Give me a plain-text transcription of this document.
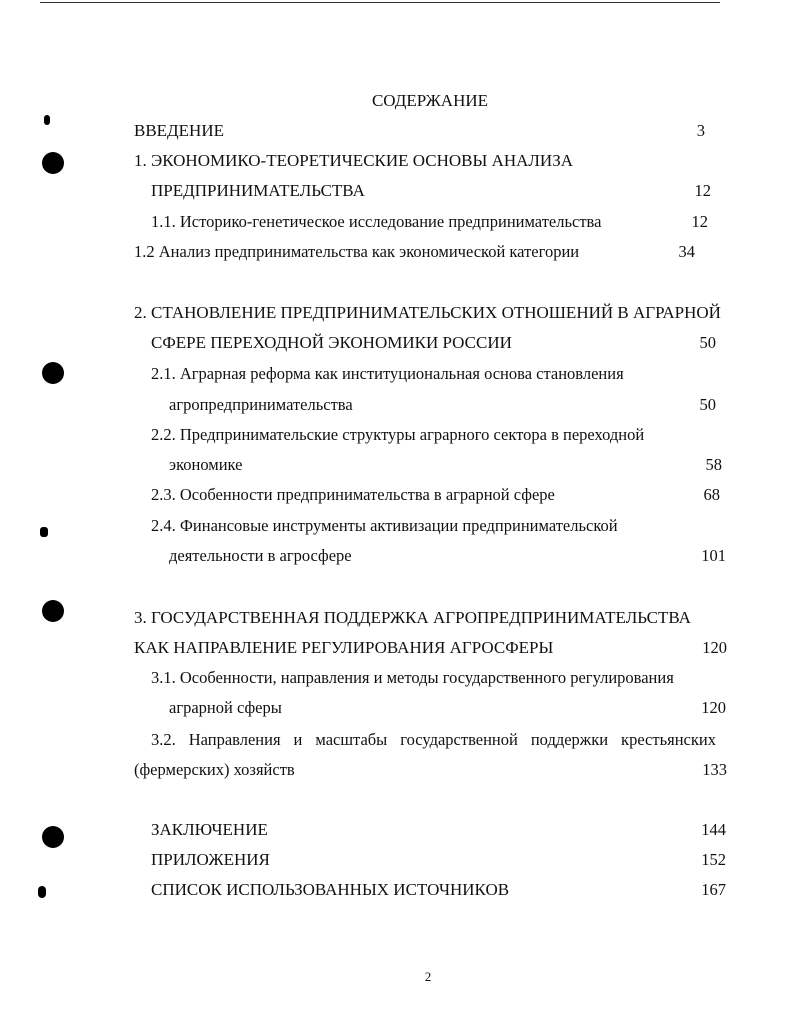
СОДЕРЖАНИЕ
ВВЕДЕНИЕ	3
1. ЭКОНОМИКО-ТЕОРЕТИЧЕСКИЕ ОСНОВЫ АНАЛИЗА
ПРЕДПРИНИМАТЕЛЬСТВА	12
1.1. Историко-генетическое исследование предпринимательства	12
1.2 Анализ предпринимательства как экономической категории	34
2. СТАНОВЛЕНИЕ ПРЕДПРИНИМАТЕЛЬСКИХ ОТНОШЕНИЙ В АГРАРНОЙ
СФЕРЕ ПЕРЕХОДНОЙ ЭКОНОМИКИ РОССИИ	50
2.1. Аграрная реформа как институциональная основа становления
агропредпринимательства	50
2.2. Предпринимательские структуры аграрного сектора в переходной
экономике	58
2.3. Особенности предпринимательства в аграрной сфере	68
2.4. Финансовые инструменты активизации предпринимательской
деятельности в агросфере	101
3. ГОСУДАРСТВЕННАЯ ПОДДЕРЖКА АГРОПРЕДПРИНИМАТЕЛЬСТВА
КАК НАПРАВЛЕНИЕ РЕГУЛИРОВАНИЯ АГРОСФЕРЫ	120
3.1. Особенности, направления и методы государственного регулирования
аграрной сферы	120
3.2. Направления и масштабы государственной поддержки крестьянских
(фермерских) хозяйств	133
ЗАКЛЮЧЕНИЕ	144
ПРИЛОЖЕНИЯ	152
СПИСОК ИСПОЛЬЗОВАННЫХ ИСТОЧНИКОВ	167
2
